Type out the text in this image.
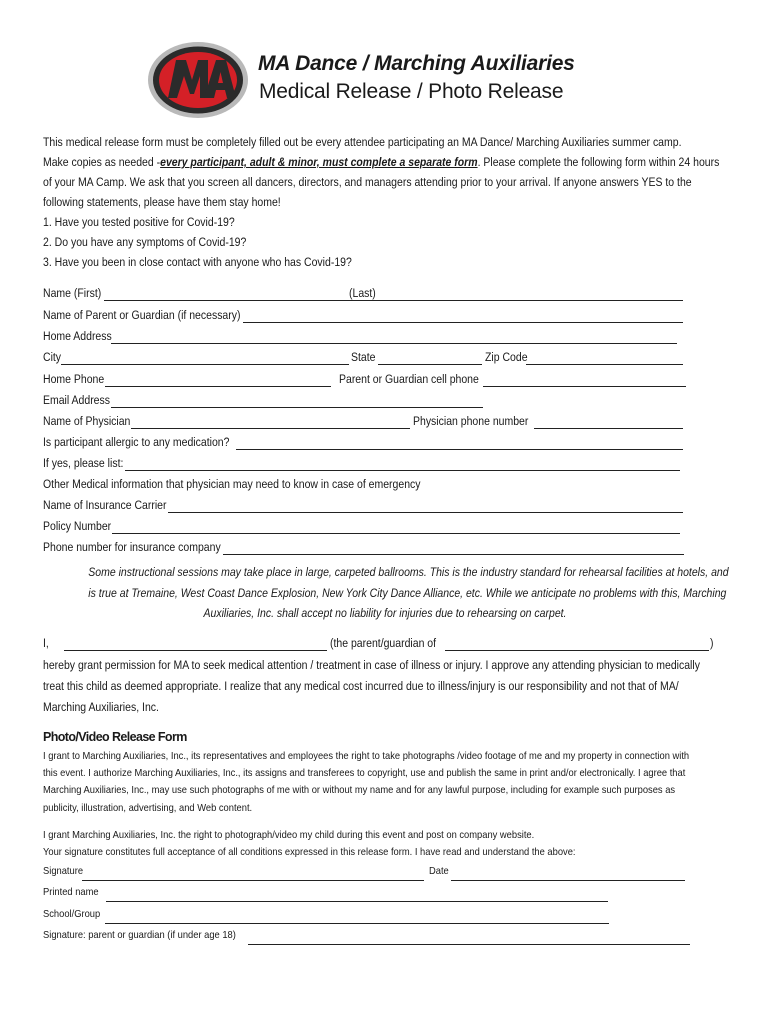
MA Dance / Marching Auxiliaries
Medical Release / Photo Release

This medical release form must be completely filled out be every attendee participating an MA Dance/ Marching Auxiliaries summer camp.

Make copies as needed -every participant, adult & minor, must complete a separate form. Please complete the following form within 24 hours

of your MA Camp. We ask that you screen all dancers, directors, and managers attending prior to your arrival. If anyone answers YES to the

following statements, please have them stay home!

1. Have you tested positive for Covid-19?

2. Do you have any symptoms of Covid-19?

3. Have you been in close contact with anyone who has Covid-19?

Name (First)	(Last)
Name of Parent or Guardian (if necessary)
Home Address
City	State	Zip Code
Home Phone	Parent or Guardian cell phone
Email Address
Name of Physician	Physician phone number
Is participant allergic to any medication?
If yes, please list:
Other Medical information that physician may need to know in case of emergency
Name of Insurance Carrier
Policy Number
Phone number for insurance company
Some instructional sessions may take place in large, carpeted ballrooms. This is the industry standard for rehearsal facilities at hotels, and
is true at Tremaine, West Coast Dance Explosion, New York City Dance Alliance, etc. While we anticipate no problems with this, Marching
Auxiliaries, Inc. shall accept no liability for injuries due to rehearsing on carpet.
I,	(the parent/guardian of	)
hereby grant permission for MA to seek medical attention / treatment in case of illness or injury. I approve any attending physician to medically
treat this child as deemed appropriate. I realize that any medical cost incurred due to illness/injury is our responsibility and not that of MA/
Marching Auxiliaries, Inc.
Photo/Video Release Form
I grant to Marching Auxiliaries, Inc., its representatives and employees the right to take photographs /video footage of me and my property in connection with
this event. I authorize Marching Auxiliaries, Inc., its assigns and transferees to copyright, use and publish the same in print and/or electronically. I agree that
Marching Auxiliaries, Inc., may use such photographs of me with or without my name and for any lawful purpose, including for example such purposes as
publicity, illustration, advertising, and Web content.
I grant Marching Auxiliaries, Inc. the right to photograph/video my child during this event and post on company website.
Your signature constitutes full acceptance of all conditions expressed in this release form. I have read and understand the above:
Signature	Date
Printed name
School/Group
Signature: parent or guardian (if under age 18)
